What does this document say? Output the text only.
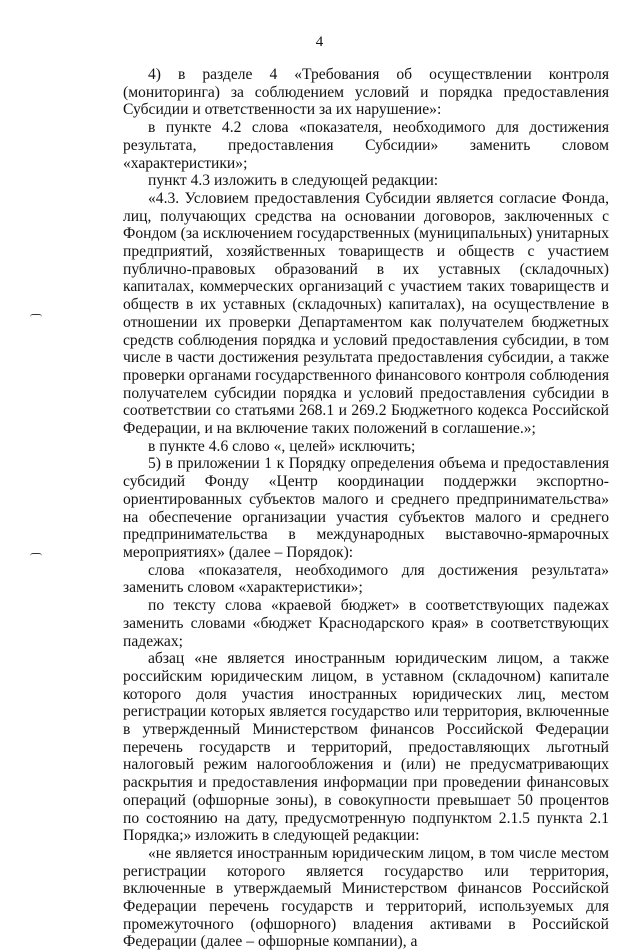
4

4) в разделе 4 «Требования об осуществлении контроля (мониторинга) за соблюдением условий и порядка предоставления Субсидии и ответственности за их нарушение»:

в пункте 4.2 слова «показателя, необходимого для достижения результата, предоставления Субсидии» заменить словом «характеристики»;

пункт 4.3 изложить в следующей редакции:

«4.3. Условием предоставления Субсидии является согласие Фонда, лиц, получающих средства на основании договоров, заключенных с Фондом (за исключением государственных (муниципальных) унитарных предприятий, хозяйственных товариществ и обществ с участием публично-правовых образований в их уставных (складочных) капиталах, коммерческих организаций с участием таких товариществ и обществ в их уставных (складочных) капиталах), на осуществление в отношении их проверки Департаментом как получателем бюджетных средств соблюдения порядка и условий предоставления субсидии, в том числе в части достижения результата предоставления субсидии, а также проверки органами государственного финансового контроля соблюдения получателем субсидии порядка и условий предоставления субсидии в соответствии со статьями 268.1 и 269.2 Бюджетного кодекса Российской Федерации, и на включение таких положений в соглашение.»;

в пункте 4.6 слово «, целей» исключить;

5) в приложении 1 к Порядку определения объема и предоставления субсидий Фонду «Центр координации поддержки экспортно-ориентированных субъектов малого и среднего предпринимательства» на обеспечение организации участия субъектов малого и среднего предпринимательства в международных выставочно-ярмарочных мероприятиях» (далее – Порядок):

слова «показателя, необходимого для достижения результата» заменить словом «характеристики»;

по тексту слова «краевой бюджет» в соответствующих падежах заменить словами «бюджет Краснодарского края» в соответствующих падежах;

абзац «не является иностранным юридическим лицом, а также российским юридическим лицом, в уставном (складочном) капитале которого доля участия иностранных юридических лиц, местом регистрации которых является государство или территория, включенные в утвержденный Министерством финансов Российской Федерации перечень государств и территорий, предоставляющих льготный налоговый режим налогообложения и (или) не предусматривающих раскрытия и предоставления информации при проведении финансовых операций (офшорные зоны), в совокупности превышает 50 процентов по состоянию на дату, предусмотренную подпунктом 2.1.5 пункта 2.1 Порядка;» изложить в следующей редакции:

«не является иностранным юридическим лицом, в том числе местом регистрации которого является государство или территория, включенные в утверждаемый Министерством финансов Российской Федерации перечень государств и территорий, используемых для промежуточного (офшорного) владения активами в Российской Федерации (далее – офшорные компании), а
